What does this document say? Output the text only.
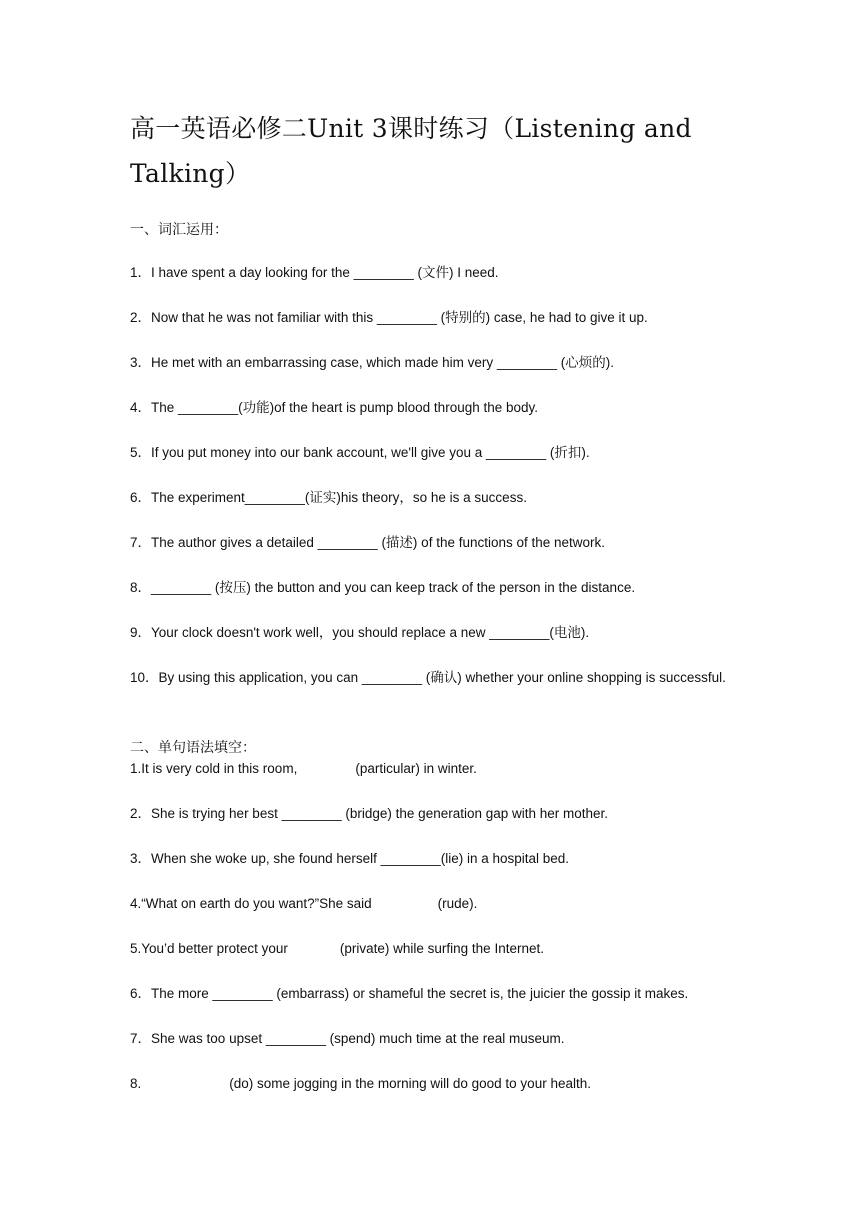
高一英语必修二Unit 3课时练习（Listening and Talking）

一、词汇运用：

1．I have spent a day looking for the ________ (文件) I need.

2．Now that he was not familiar with this ________ (特别的) case, he had to give it up.

3．He met with an embarrassing case, which made him very ________ (心烦的).

4．The ________(功能)of the heart is pump blood through the body.

5．If you put money into our bank account, we'll give you a ________ (折扣).

6．The experiment________(证实)his theory，so he is a success.

7．The author gives a detailed ________ (描述) of the functions of the network.

8．________ (按压) the button and you can keep track of the person in the distance.

9．Your clock doesn't work well，you should replace a new ________(电池).

10．By using this application, you can ________ (确认) whether your online shopping is successful.

二、单句语法填空：

1.It is very cold in this room,	(particular) in winter.

2．She is trying her best ________ (bridge) the generation gap with her mother.

3．When she woke up, she found herself ________(lie) in a hospital bed.

4.“What on earth do you want?”She said	(rude).

5.You’d better protect your	(private) while surfing the Internet.

6．The more ________ (embarrass) or shameful the secret is, the juicier the gossip it makes.

7．She was too upset ________ (spend) much time at the real museum.

8.	(do) some jogging in the morning will do good to your health.
